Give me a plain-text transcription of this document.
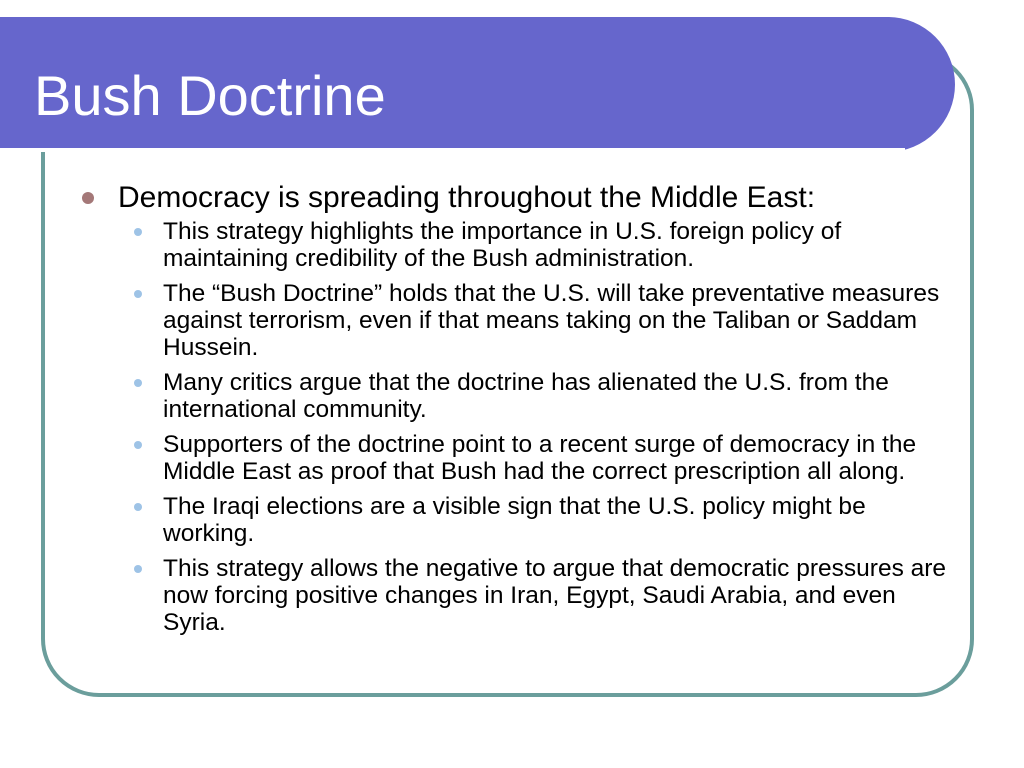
Bush Doctrine
Democracy is spreading throughout the Middle East:
This strategy highlights the importance in U.S. foreign policy of maintaining credibility of the Bush administration.
The “Bush Doctrine” holds that the U.S. will take preventative measures against terrorism, even if that means taking on the Taliban or Saddam Hussein.
Many critics argue that the doctrine has alienated the U.S. from the international community.
Supporters of the doctrine point to a recent surge of democracy in the Middle East as proof that Bush had the correct prescription all along.
The Iraqi elections are a visible sign that the U.S. policy might be working.
This strategy allows the negative to argue that democratic pressures are now forcing positive changes in Iran, Egypt, Saudi Arabia, and even Syria.
